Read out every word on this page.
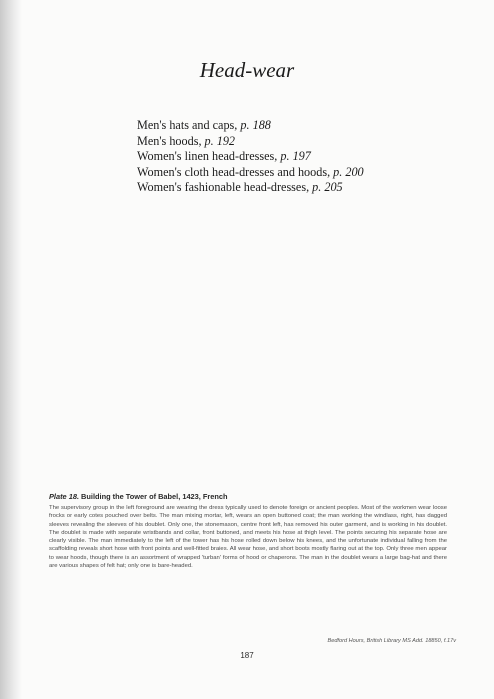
Head-wear
Men's hats and caps, p. 188
Men's hoods, p. 192
Women's linen head-dresses, p. 197
Women's cloth head-dresses and hoods, p. 200
Women's fashionable head-dresses, p. 205

Plate 18. Building the Tower of Babel, 1423, French

The supervisory group in the left foreground are wearing the dress typically used to denote foreign or ancient peoples. Most of the workmen wear loose frocks or early cotes pouched over belts. The man mixing mortar, left, wears an open buttoned coat; the man working the windlass, right, has dagged sleeves revealing the sleeves of his doublet. Only one, the stonemason, centre front left, has removed his outer garment, and is working in his doublet. The doublet is made with separate wristbands and collar, front buttoned, and meets his hose at thigh level. The points securing his separate hose are clearly visible. The man immediately to the left of the tower has his hose rolled down below his knees, and the unfortunate individual falling from the scaffolding reveals short hose with front points and well-fitted braies. All wear hose, and short boots mostly flaring out at the top. Only three men appear to wear hoods, though there is an assortment of wrapped 'turban' forms of hood or chaperons. The man in the doublet wears a large bag-hat and there are various shapes of felt hat; only one is bare-headed.

Bedford Hours, British Library MS Add. 18850, f.17v
187
